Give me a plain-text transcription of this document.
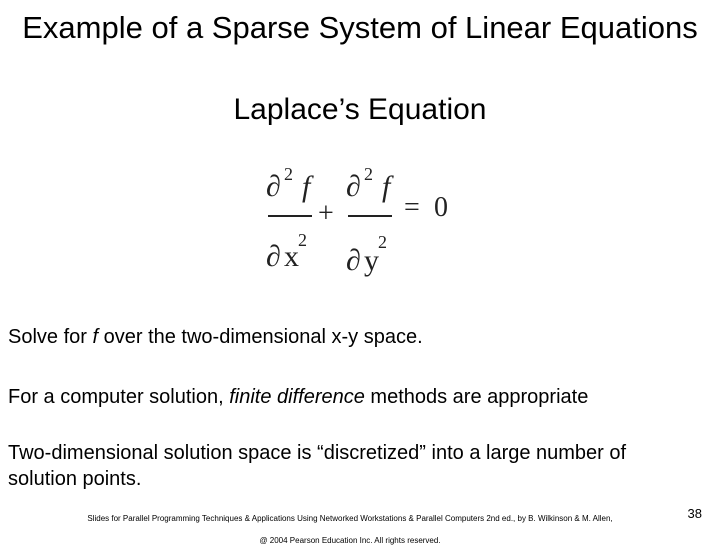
Example of a Sparse System of Linear Equations
Laplace’s Equation
∂ 2 f
∂ x 2
+
∂ 2 f
∂ y
2
= 0

Solve for f over the two-dimensional x-y space.

For a computer solution, finite difference methods are appropriate

Two-dimensional solution space is “discretized” into a large number of solution points.

Slides for Parallel Programming Techniques & Applications Using Networked Workstations & Parallel Computers 2nd ed., by B. Wilkinson & M. Allen,
@ 2004 Pearson Education Inc. All rights reserved.
38
